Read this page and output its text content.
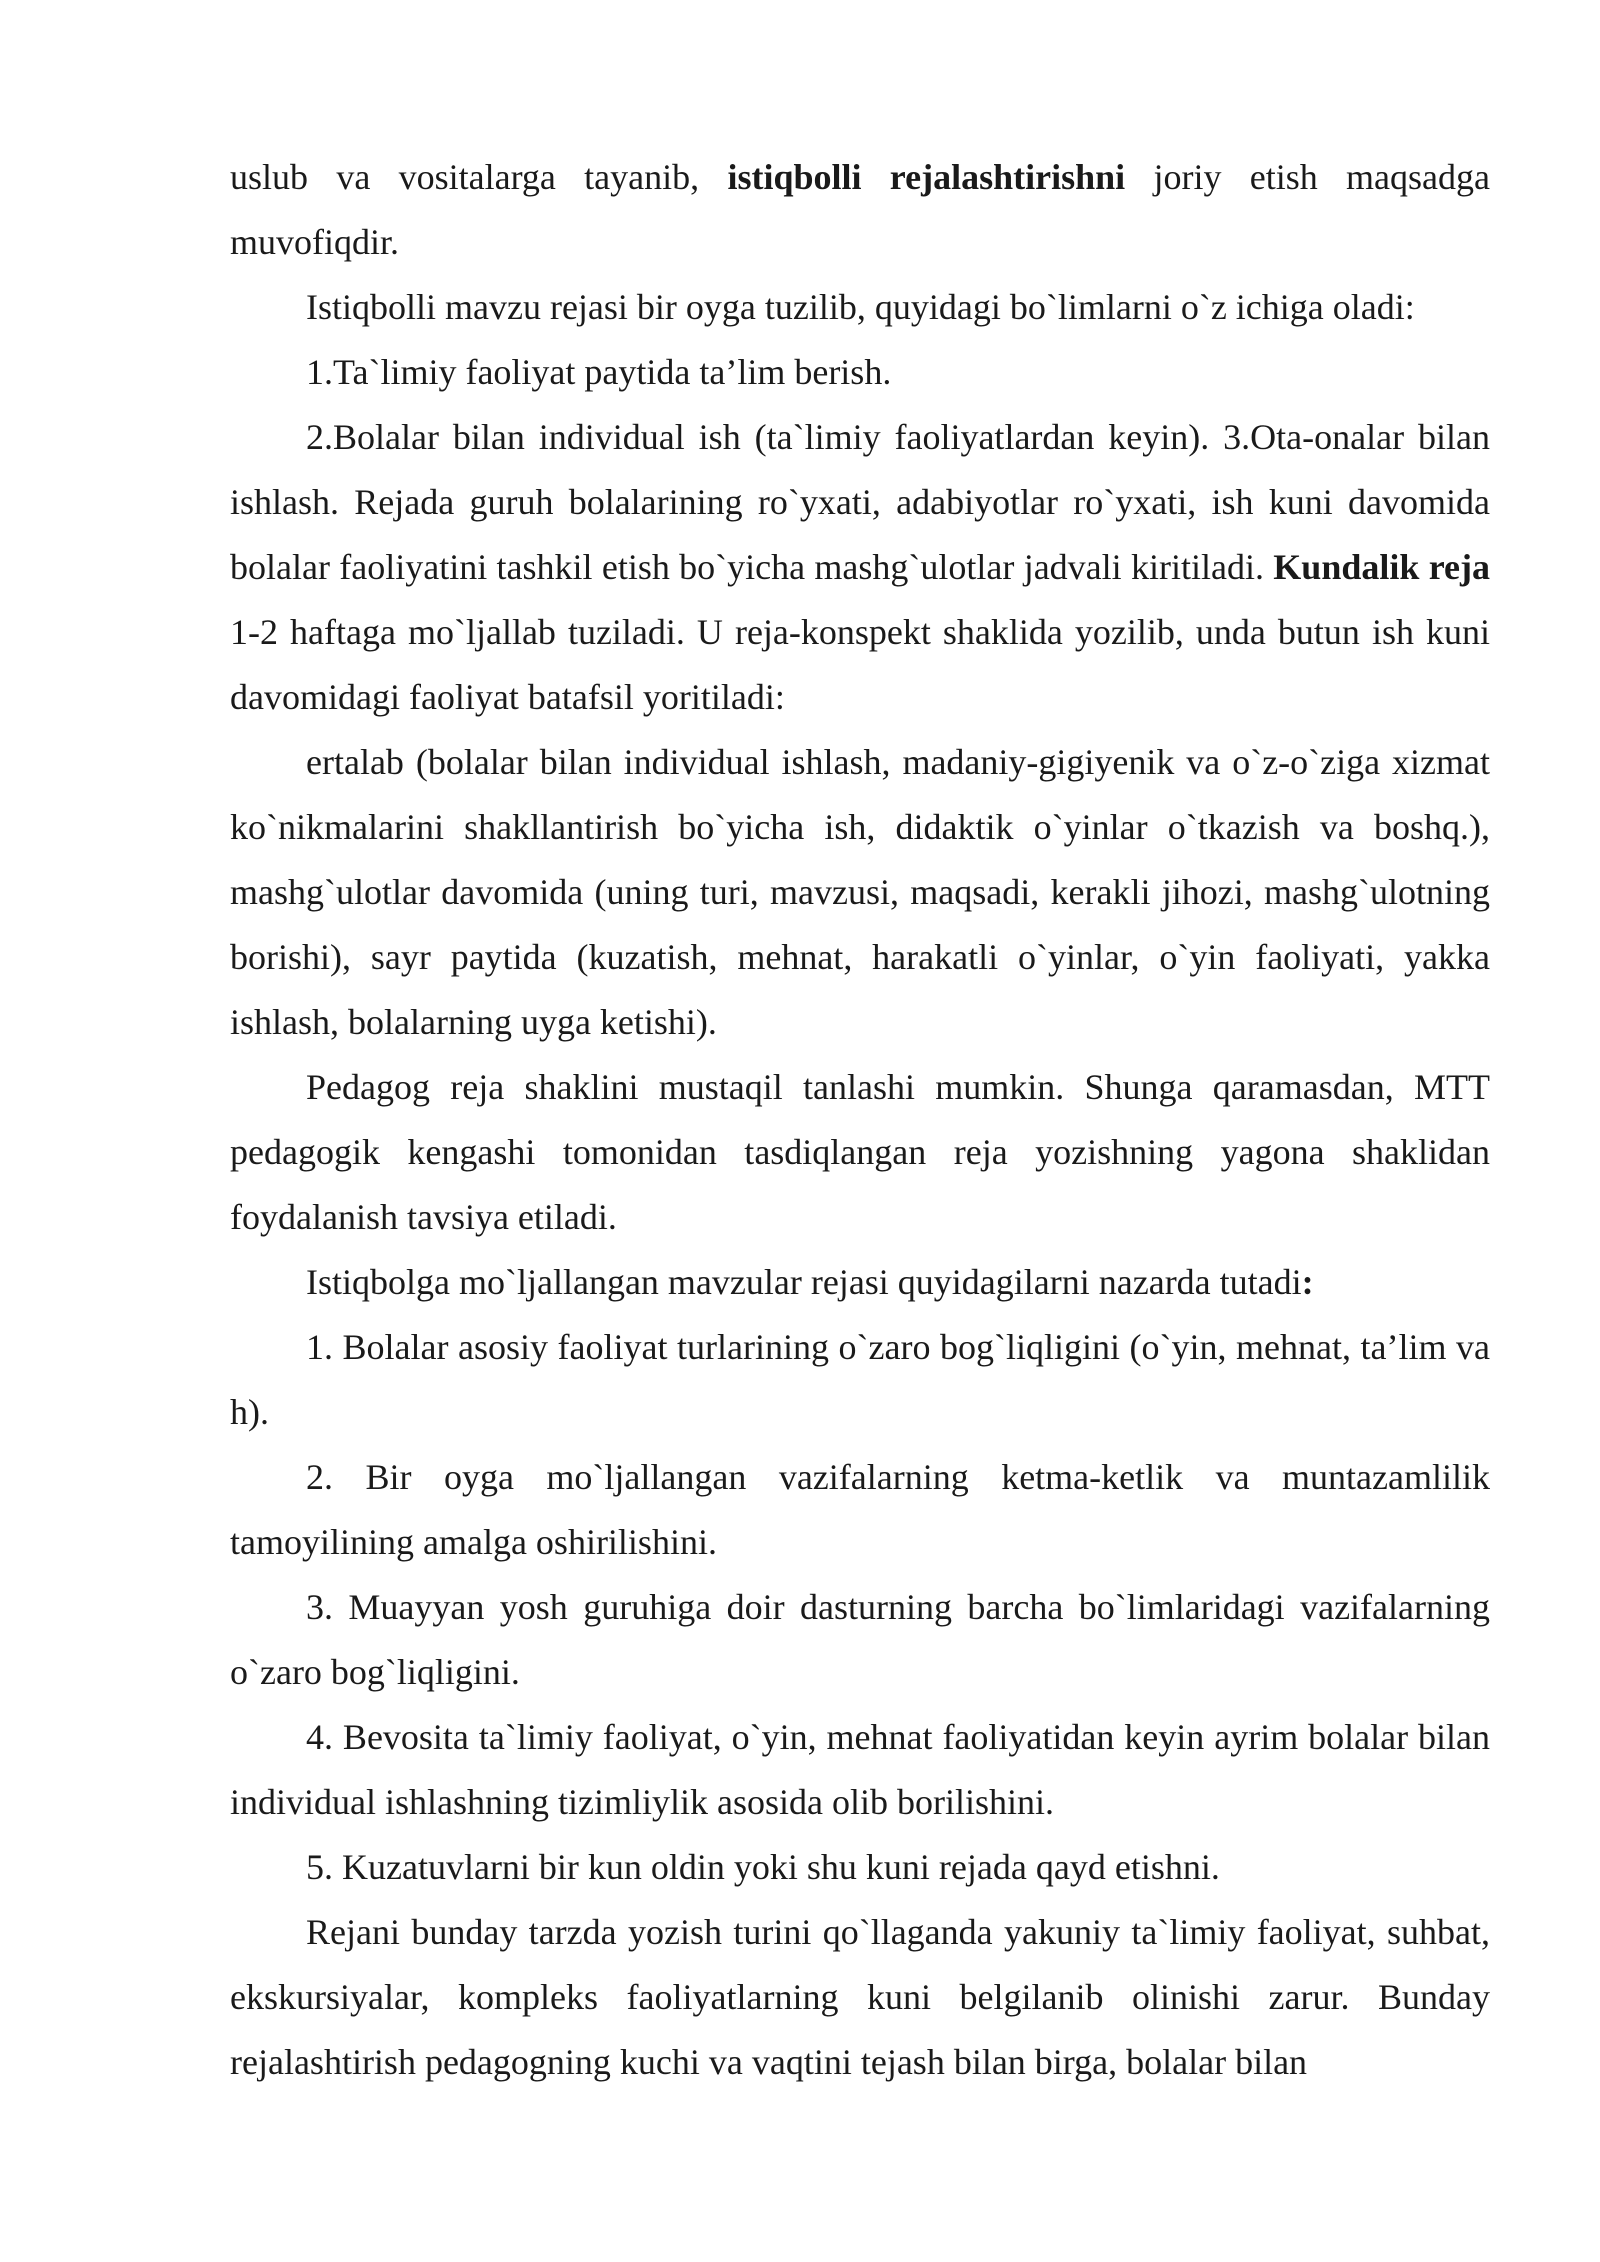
uslub va vositalarga tayanib, istiqbolli rejalashtirishni joriy etish maqsadga muvofiqdir.

Istiqbolli mavzu rejasi bir oyga tuzilib, quyidagi bo`limlarni o`z ichiga oladi:

1.Ta`limiy faoliyat paytida ta’lim berish.

2.Bolalar bilan individual ish (ta`limiy faoliyatlardan keyin). 3.Ota-onalar bilan ishlash. Rejada guruh bolalarining ro`yxati, adabiyotlar ro`yxati, ish kuni davomida bolalar faoliyatini tashkil etish bo`yicha mashg`ulotlar jadvali kiritiladi. Kundalik reja 1-2 haftaga mo`ljallab tuziladi. U reja-konspekt shaklida yozilib, unda butun ish kuni davomidagi faoliyat batafsil yoritiladi:

ertalab (bolalar bilan individual ishlash, madaniy-gigiyenik va o`z-o`ziga xizmat ko`nikmalarini shakllantirish bo`yicha ish, didaktik o`yinlar o`tkazish va boshq.), mashg`ulotlar davomida (uning turi, mavzusi, maqsadi, kerakli jihozi, mashg`ulotning borishi), sayr paytida (kuzatish, mehnat, harakatli o`yinlar, o`yin faoliyati, yakka ishlash, bolalarning uyga ketishi).

Pedagog reja shaklini mustaqil tanlashi mumkin. Shunga qaramasdan, MTT pedagogik kengashi tomonidan tasdiqlangan reja yozishning yagona shaklidan foydalanish tavsiya etiladi.

Istiqbolga mo`ljallangan mavzular rejasi quyidagilarni nazarda tutadi:

1. Bolalar asosiy faoliyat turlarining o`zaro bog`liqligini (o`yin, mehnat, ta’lim va h).

2. Bir oyga mo`ljallangan vazifalarning ketma-ketlik va muntazamlilik tamoyilining amalga oshirilishini.

3. Muayyan yosh guruhiga doir dasturning barcha bo`limlaridagi vazifalarning o`zaro bog`liqligini.

4. Bevosita ta`limiy faoliyat, o`yin, mehnat faoliyatidan keyin ayrim bolalar bilan individual ishlashning tizimliylik asosida olib borilishini.

5. Kuzatuvlarni bir kun oldin yoki shu kuni rejada qayd etishni.

Rejani bunday tarzda yozish turini qo`llaganda yakuniy ta`limiy faoliyat, suhbat, ekskursiyalar, kompleks faoliyatlarning kuni belgilanib olinishi zarur. Bunday rejalashtirish pedagogning kuchi va vaqtini tejash bilan birga, bolalar bilan
